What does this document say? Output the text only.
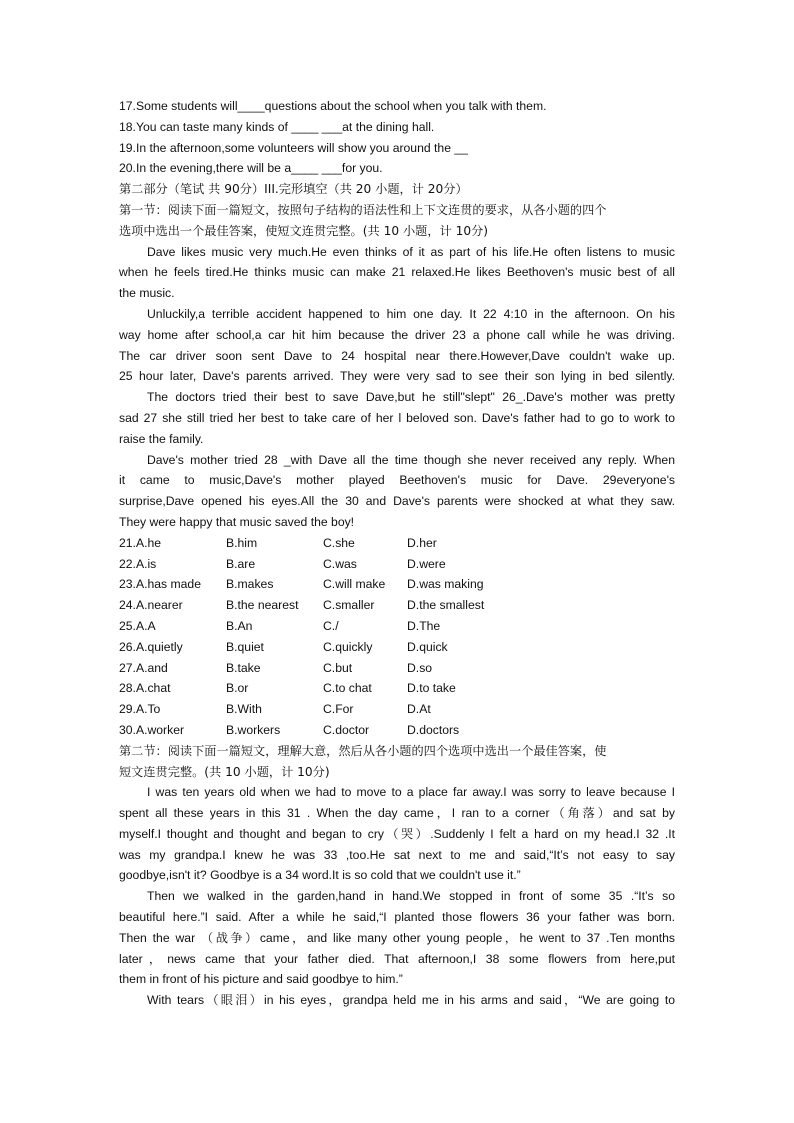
17.Some students will____questions about the school when you talk with them.
18.You can taste many kinds of ____ ___at the dining hall.
19.In the afternoon,some volunteers will show you around the __
20.In the evening,there will be a____ ___for you.
第二部分（笔试 共 90分）III.完形填空（共 20 小题，计 20分）
第一节：阅读下面一篇短文，按照句子结构的语法性和上下文连贯的要求，从各小题的四个
选项中选出一个最佳答案，使短文连贯完整。(共 10 小题，计 10分)
Dave likes music very much.He even thinks of it as part of his life.He often listens to music
when he feels tired.He thinks music can make 21 relaxed.He likes Beethoven's music best of all
the music.
Unluckily,a terrible accident happened to him one day. It 22 4:10 in the afternoon. On his
way home after school,a car hit him because the driver 23 a phone call while he was driving.
The car driver soon sent Dave to 24 hospital near there.However,Dave couldn't wake up.
25 hour later, Dave's parents arrived. They were very sad to see their son lying in bed silently.
The doctors tried their best to save Dave,but he still"slept" 26_.Dave's mother was pretty
sad 27 she still tried her best to take care of her l beloved son. Dave's father had to go to work to
raise the family.
Dave's mother tried 28 _with Dave all the time though she never received any reply. When
it came to music,Dave's mother played Beethoven's music for Dave. 29everyone's
surprise,Dave opened his eyes.All the 30 and Dave's parents were shocked at what they saw.
They were happy that music saved the boy!
21.A.he	B.him	C.she	D.her
22.A.is	B.are	C.was	D.were
23.A.has made	B.makes	C.will make	D.was making
24.A.nearer	B.the nearest	C.smaller	D.the smallest
25.A.A	B.An	C./	D.The
26.A.quietly	B.quiet	C.quickly	D.quick
27.A.and	B.take	C.but	D.so
28.A.chat	B.or	C.to chat	D.to take
29.A.To	B.With	C.For	D.At
30.A.worker	B.workers	C.doctor	D.doctors
第二节：阅读下面一篇短文，理解大意，然后从各小题的四个选项中选出一个最佳答案，使
短文连贯完整。(共 10 小题，计 10分)
I was ten years old when we had to move to a place far away.I was sorry to leave because I
spent all these years in this 31 . When the day came，I ran to a corner（角落）and sat by
myself.I thought and thought and began to cry（哭）.Suddenly I felt a hard on my head.I 32 .It
was my grandpa.I knew he was 33 ,too.He sat next to me and said,“It’s not easy to say
goodbye,isn't it? Goodbye is a 34 word.It is so cold that we couldn't use it.”
Then we walked in the garden,hand in hand.We stopped in front of some 35 .“It’s so
beautiful here.”I said. After a while he said,“I planted those flowers 36 your father was born.
Then the war （战争）came，and like many other young people，he went to 37 .Ten months
later，news came that your father died. That afternoon,I 38 some flowers from here,put
them in front of his picture and said goodbye to him.”
With tears（眼泪）in his eyes，grandpa held me in his arms and said，“We are going to
